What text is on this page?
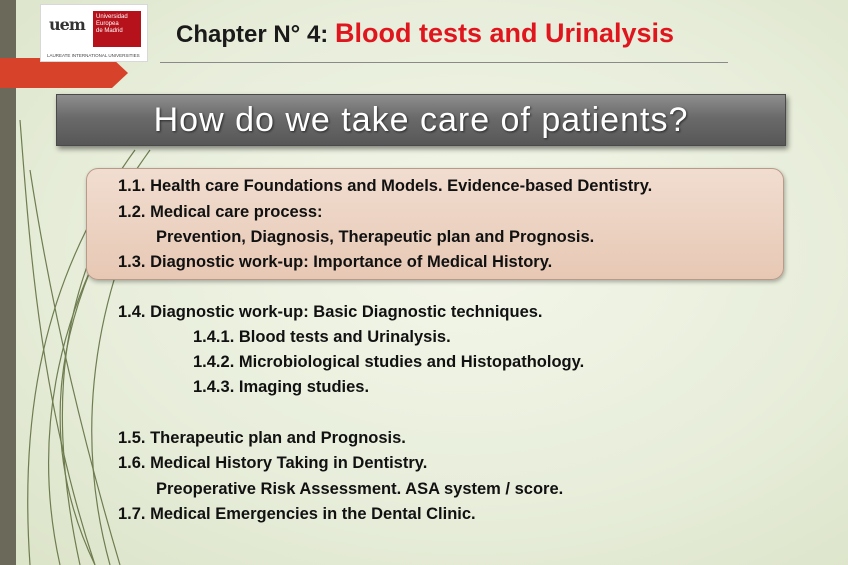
uem Universidad
Europea
de Madrid
LAUREATE INTERNATIONAL UNIVERSITIES
Chapter N° 4: Blood tests and Urinalysis
How do we take care of patients?
1.1. Health care Foundations and Models. Evidence-based Dentistry.
1.2. Medical care process:
Prevention, Diagnosis, Therapeutic plan and Prognosis.
1.3. Diagnostic work-up: Importance of Medical History.
1.4. Diagnostic work-up: Basic Diagnostic techniques.
1.4.1. Blood tests and Urinalysis.
1.4.2. Microbiological studies and Histopathology.
1.4.3. Imaging studies.
1.5. Therapeutic plan and Prognosis.
1.6. Medical History Taking in Dentistry.
Preoperative Risk Assessment. ASA system / score.
1.7. Medical Emergencies in the Dental Clinic.
